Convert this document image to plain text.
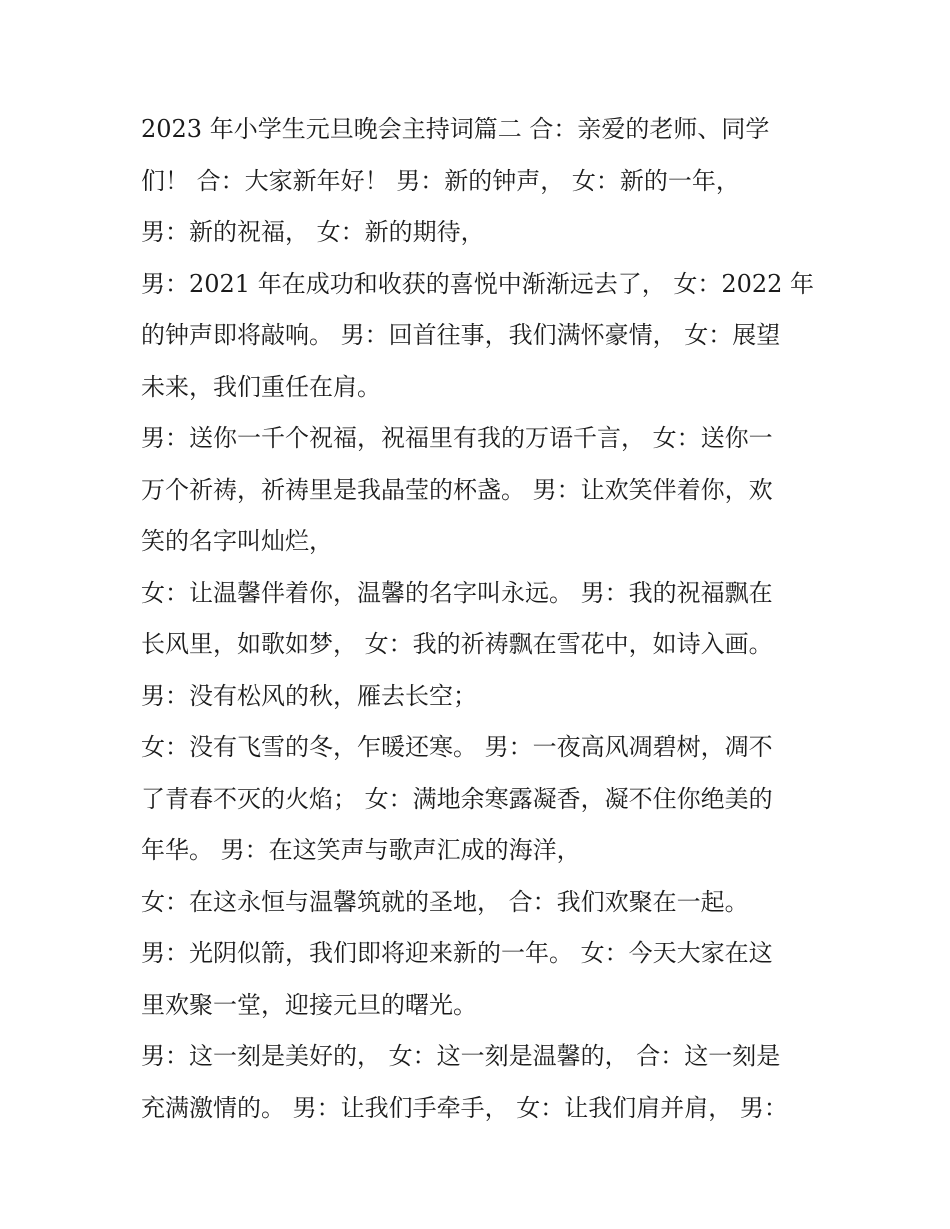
2023 年小学生元旦晚会主持词篇二 合：亲爱的老师、同学

们！ 合：大家新年好！ 男：新的钟声， 女：新的一年，

男：新的祝福， 女：新的期待，

男：2021 年在成功和收获的喜悦中渐渐远去了， 女：2022 年

的钟声即将敲响。 男：回首往事，我们满怀豪情， 女：展望

未来，我们重任在肩。

男：送你一千个祝福，祝福里有我的万语千言， 女：送你一

万个祈祷，祈祷里是我晶莹的杯盏。 男：让欢笑伴着你，欢

笑的名字叫灿烂，

女：让温馨伴着你，温馨的名字叫永远。 男：我的祝福飘在

长风里，如歌如梦， 女：我的祈祷飘在雪花中，如诗入画。

男：没有松风的秋，雁去长空；

女：没有飞雪的冬，乍暖还寒。 男：一夜高风凋碧树，凋不

了青春不灭的火焰； 女：满地余寒露凝香，凝不住你绝美的

年华。 男：在这笑声与歌声汇成的海洋，

女：在这永恒与温馨筑就的圣地， 合：我们欢聚在一起。

男：光阴似箭，我们即将迎来新的一年。 女：今天大家在这

里欢聚一堂，迎接元旦的曙光。

男：这一刻是美好的， 女：这一刻是温馨的， 合：这一刻是

充满激情的。 男：让我们手牵手， 女：让我们肩并肩， 男：
